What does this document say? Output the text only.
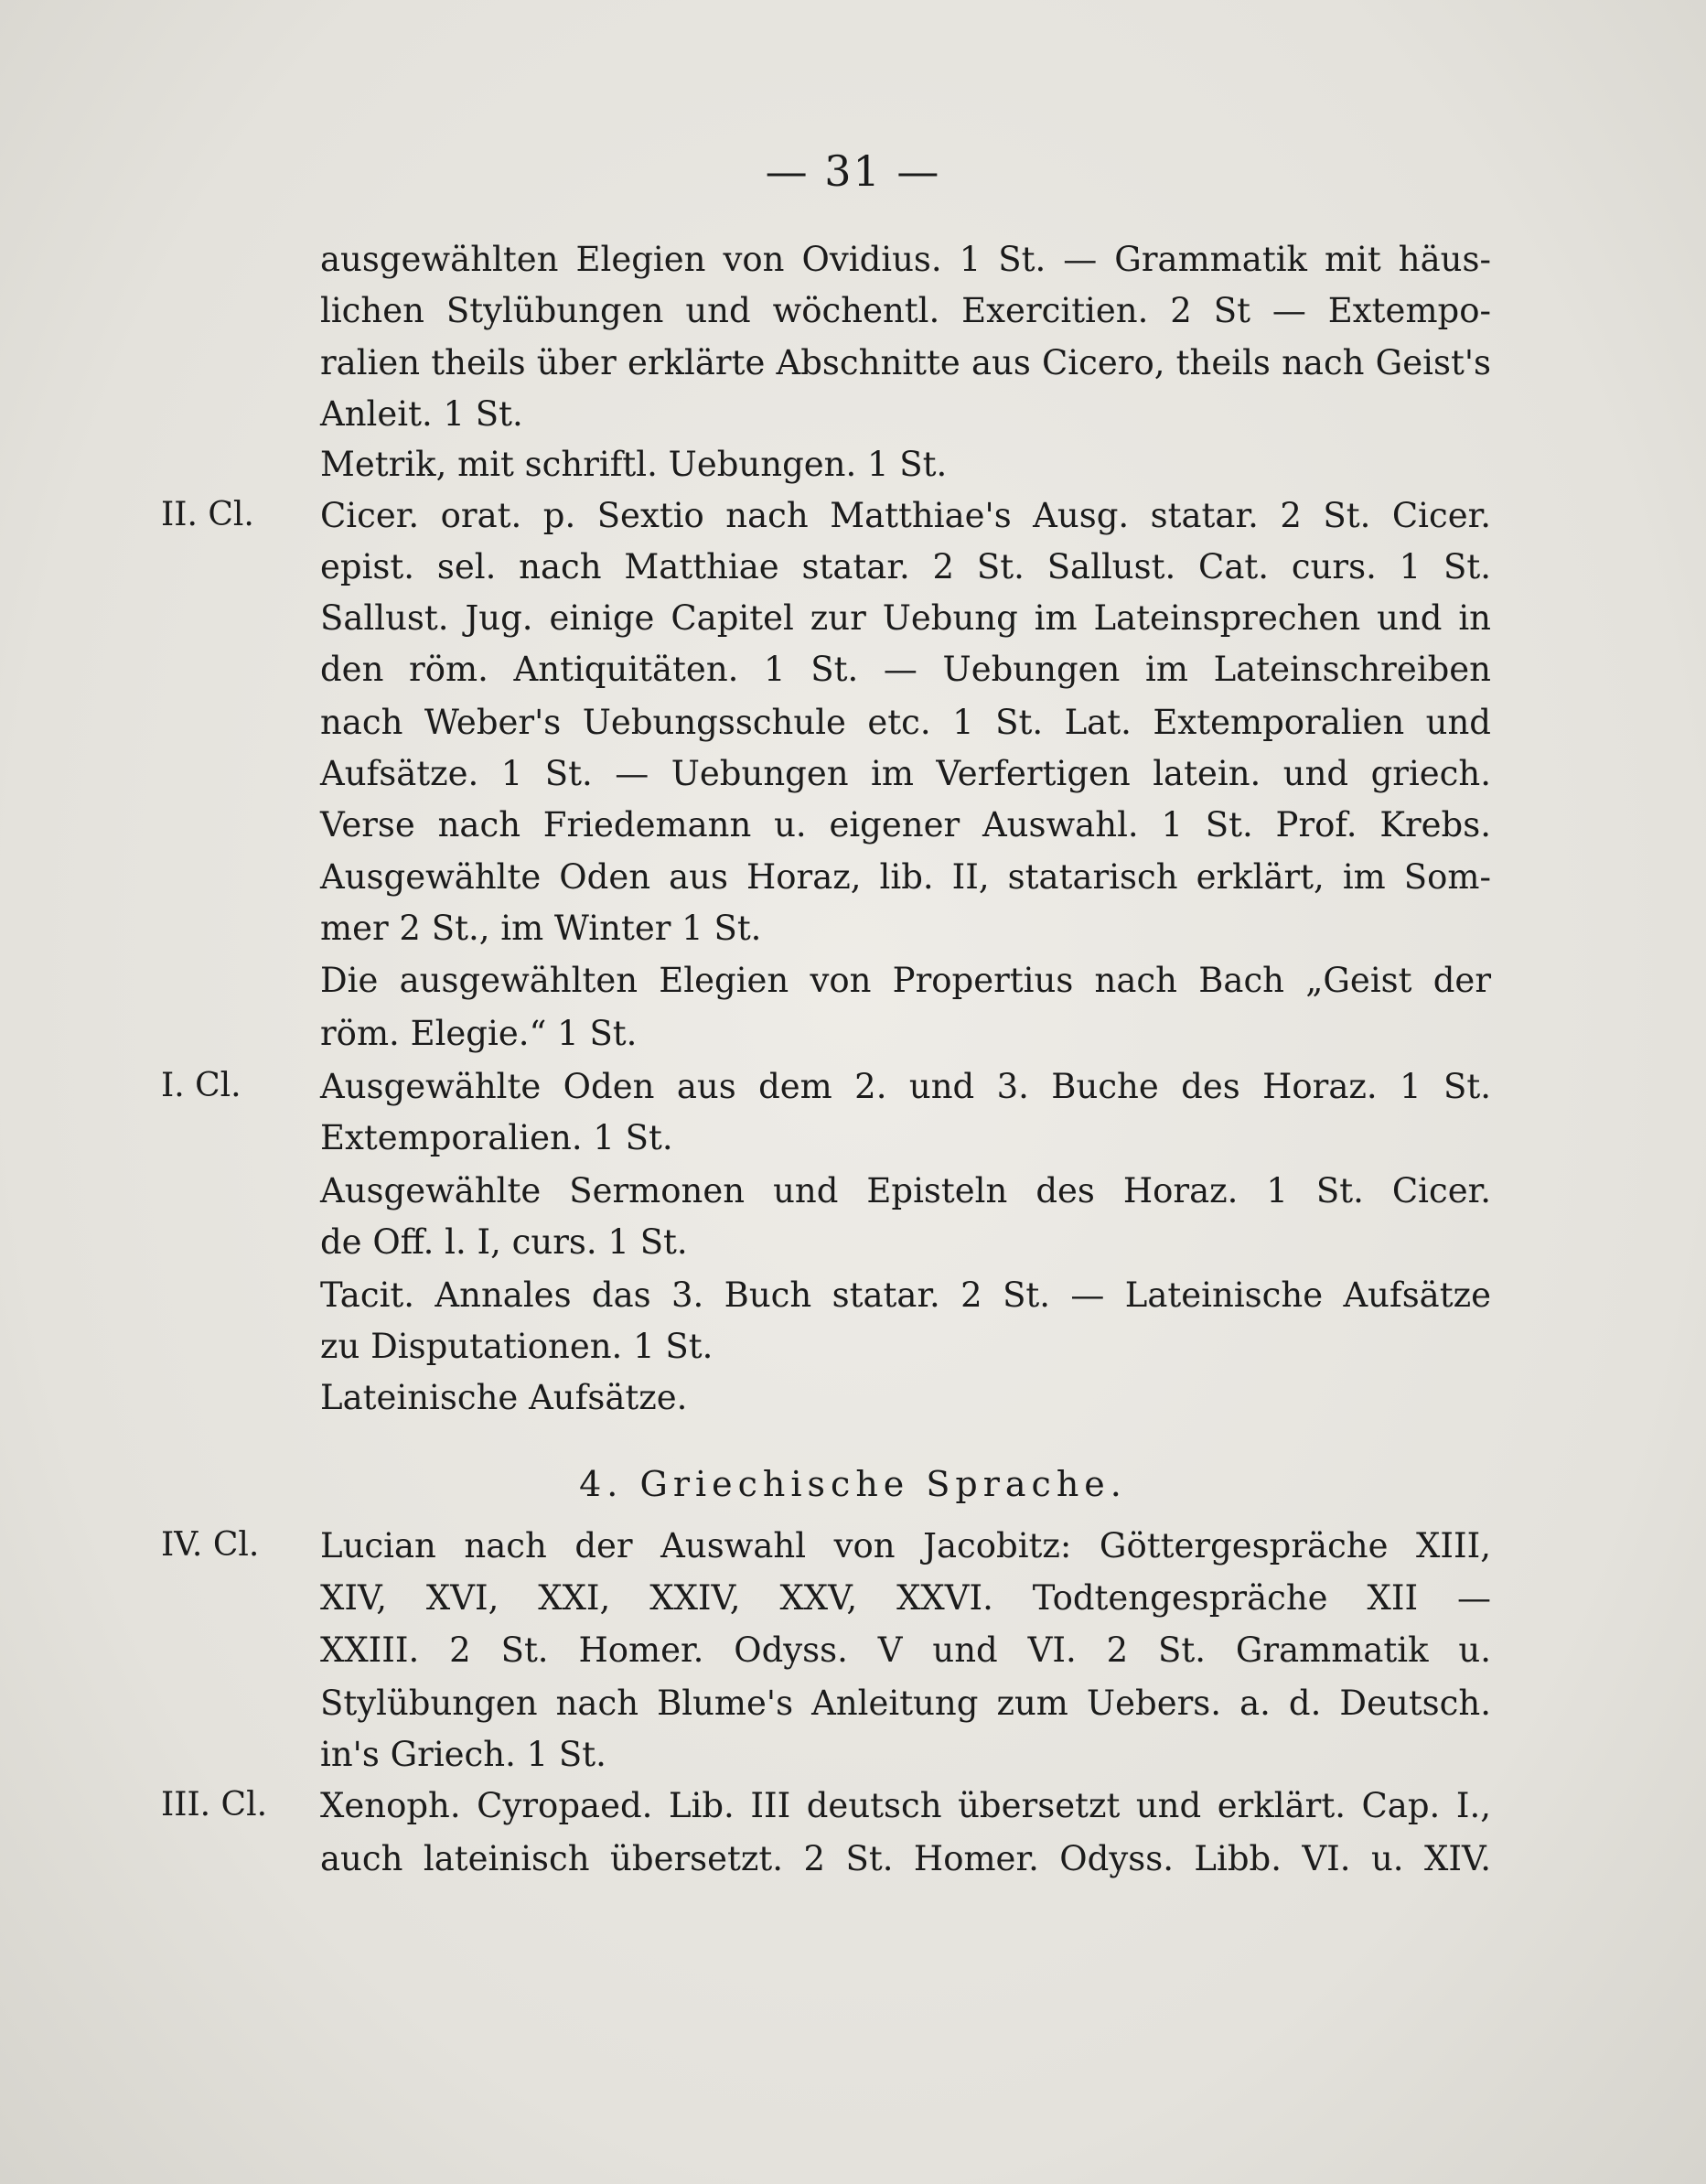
— 31 —
ausgewählten Elegien von Ovidius. 1 St. — Grammatik mit häus-
lichen Stylübungen und wöchentl. Exercitien. 2 St — Extempo-
ralien theils über erklärte Abschnitte aus Cicero, theils nach Geist's
Anleit. 1 St.
Metrik, mit schriftl. Uebungen. 1 St.
II. Cl. Cicer. orat. p. Sextio nach Matthiae's Ausg. statar. 2 St. Cicer.
epist. sel. nach Matthiae statar. 2 St. Sallust. Cat. curs. 1 St.
Sallust. Jug. einige Capitel zur Uebung im Lateinsprechen und in
den röm. Antiquitäten. 1 St. — Uebungen im Lateinschreiben
nach Weber's Uebungsschule etc. 1 St. Lat. Extemporalien und
Aufsätze. 1 St. — Uebungen im Verfertigen latein. und griech.
Verse nach Friedemann u. eigener Auswahl. 1 St. Prof. Krebs.
Ausgewählte Oden aus Horaz, lib. II, statarisch erklärt, im Som-
mer 2 St., im Winter 1 St.
Die ausgewählten Elegien von Propertius nach Bach „Geist der
röm. Elegie.“ 1 St.
I. Cl. Ausgewählte Oden aus dem 2. und 3. Buche des Horaz. 1 St.
Extemporalien. 1 St.
Ausgewählte Sermonen und Episteln des Horaz. 1 St. Cicer.
de Off. l. I, curs. 1 St.
Tacit. Annales das 3. Buch statar. 2 St. — Lateinische Aufsätze
zu Disputationen. 1 St.
Lateinische Aufsätze.
4. Griechische Sprache.
IV. Cl. Lucian nach der Auswahl von Jacobitz: Göttergespräche XIII,
XIV, XVI, XXI, XXIV, XXV, XXVI. Todtengespräche XII —
XXIII. 2 St. Homer. Odyss. V und VI. 2 St. Grammatik u.
Stylübungen nach Blume's Anleitung zum Uebers. a. d. Deutsch.
in's Griech. 1 St.
III. Cl. Xenoph. Cyropaed. Lib. III deutsch übersetzt und erklärt. Cap. I.,
auch lateinisch übersetzt. 2 St. Homer. Odyss. Libb. VI. u. XIV.
